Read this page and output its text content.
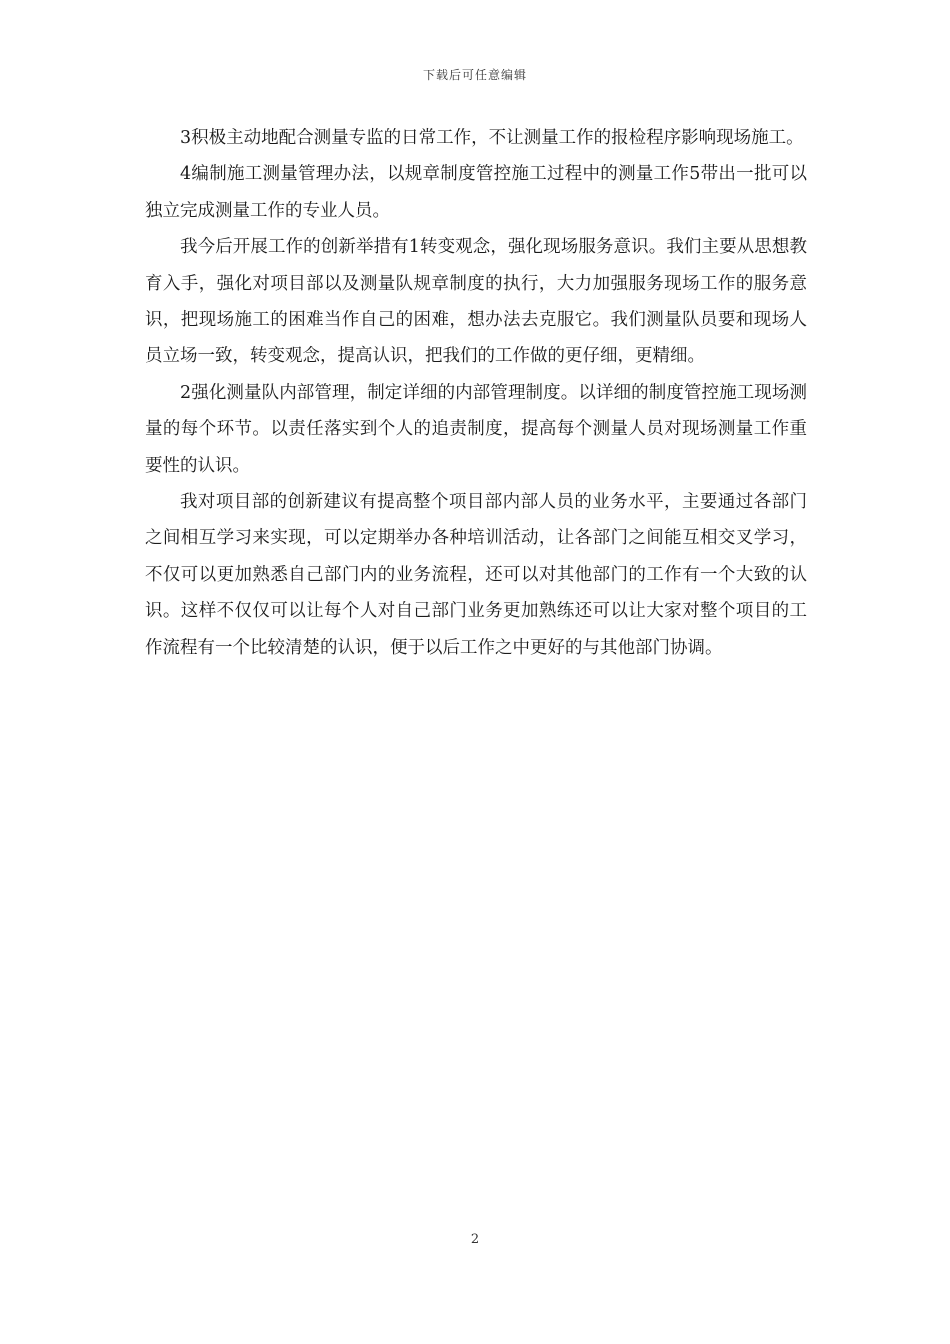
下载后可任意编辑

3积极主动地配合测量专监的日常工作，不让测量工作的报检程序影响现场施工。

4编制施工测量管理办法，以规章制度管控施工过程中的测量工作5带出一批可以独立完成测量工作的专业人员。

我今后开展工作的创新举措有1转变观念，强化现场服务意识。我们主要从思想教育入手，强化对项目部以及测量队规章制度的执行，大力加强服务现场工作的服务意识，把现场施工的困难当作自己的困难，想办法去克服它。我们测量队员要和现场人员立场一致，转变观念，提高认识，把我们的工作做的更仔细，更精细。

2强化测量队内部管理，制定详细的内部管理制度。以详细的制度管控施工现场测量的每个环节。以责任落实到个人的追责制度，提高每个测量人员对现场测量工作重要性的认识。

我对项目部的创新建议有提高整个项目部内部人员的业务水平，主要通过各部门之间相互学习来实现，可以定期举办各种培训活动，让各部门之间能互相交叉学习，不仅可以更加熟悉自己部门内的业务流程，还可以对其他部门的工作有一个大致的认识。这样不仅仅可以让每个人对自己部门业务更加熟练还可以让大家对整个项目的工作流程有一个比较清楚的认识，便于以后工作之中更好的与其他部门协调。

2
